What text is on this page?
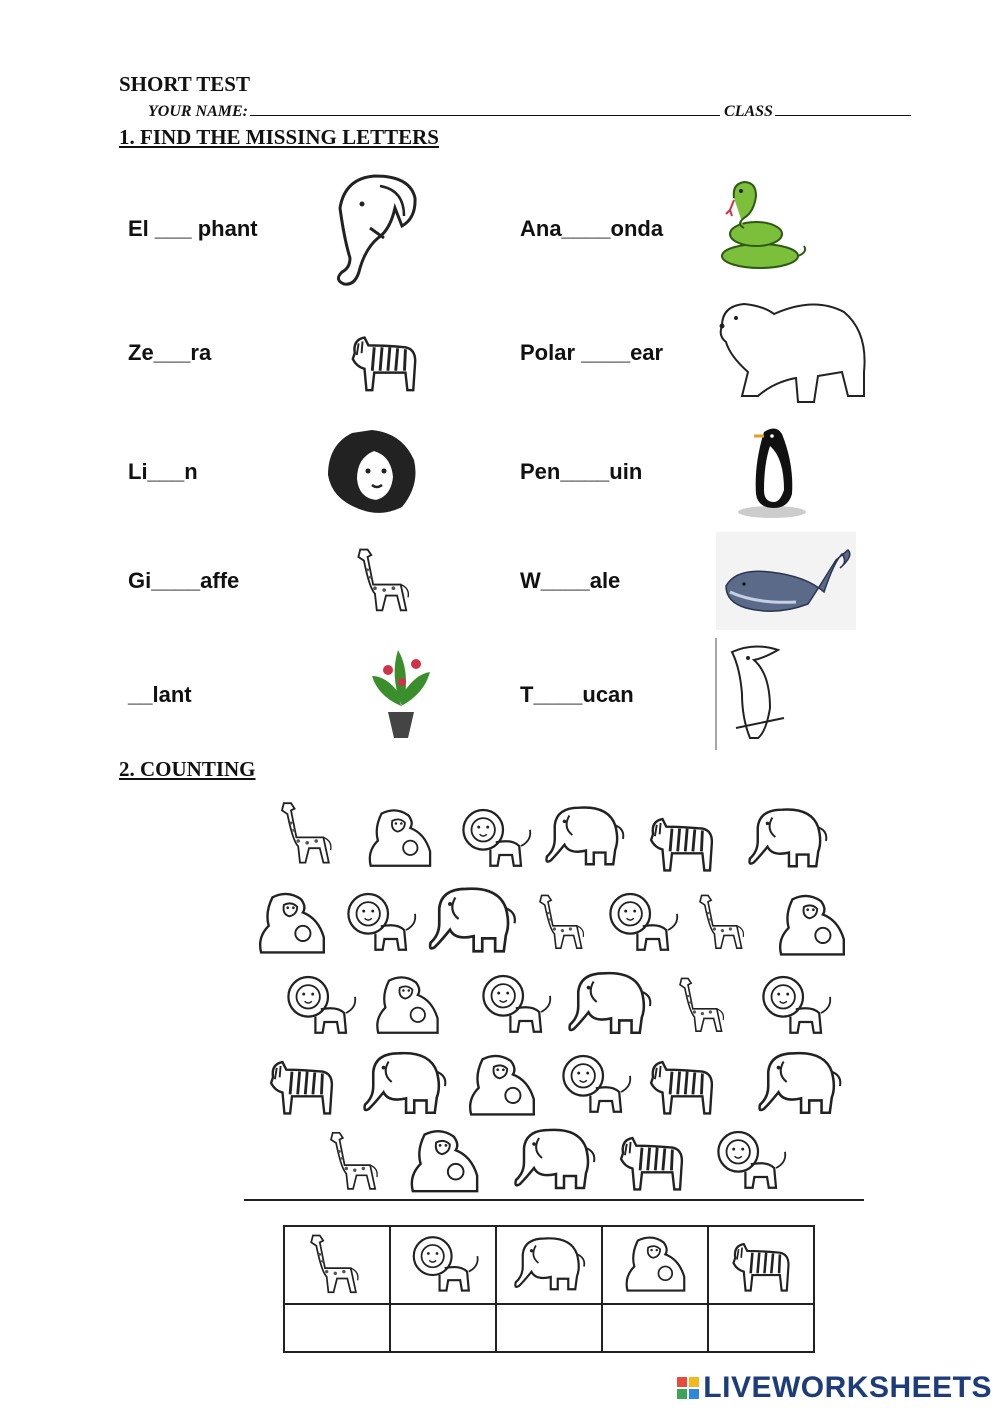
SHORT TEST
YOUR NAME:	CLASS
1. FIND THE MISSING LETTERS
El ___ phant
Ze___ra
Li___n
Gi____affe
__lant
Ana____onda
Polar ____ear
Pen____uin
W____ale
T____ucan
2. COUNTING

LIVEWORKSHEETS
